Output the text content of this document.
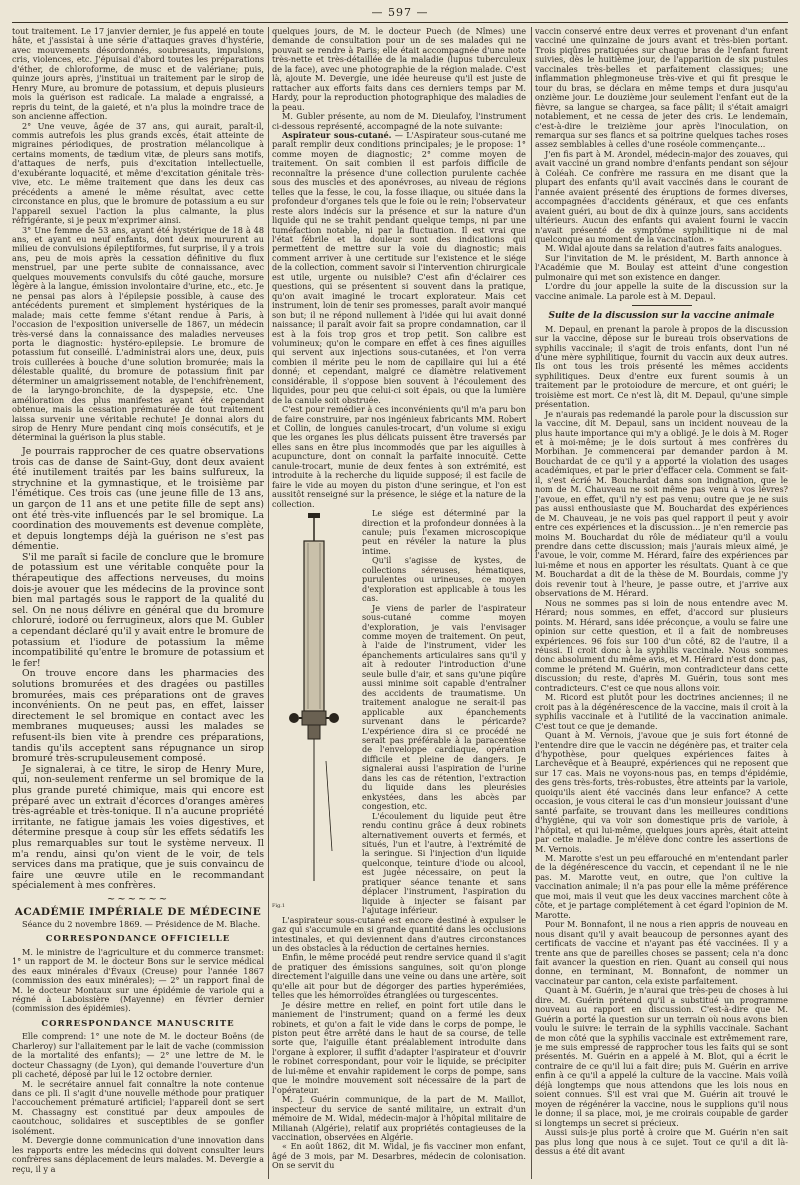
— 597 —

tout traitement. Le 17 janvier dernier, je fus appelé en toute hâte, et j'assistai à une série d'attaques graves d'hystérie, avec mouvements désordonnés, soubresauts, impulsions, cris, violences, etc. J'épuisai d'abord toutes les préparations d'éther, de chloroforme, de musc et de valériane; puis, quinze jours après, j'instituai un traitement par le sirop de Henry Mure, au bromure de potassium, et depuis plusieurs mois la guérison est radicale. La malade a engraissé, a repris du teint, de la gaieté, et n'a plus la moindre trace de son ancienne affection.

2° Une veuve, âgée de 37 ans, qui aurait, paraît-il, commis autrefois les plus grands excès, était atteinte de migraines périodiques, de prostration mélancolique à certains moments, de tædium vitæ, de pleurs sans motifs, d'attaques de nerfs, puis d'excitation intellectuelle, d'exubérante loquacité, et même d'excitation génitale très-vive, etc. Le même traitement que dans les deux cas précédents a amené le même résultat, avec cette circonstance en plus, que le bromure de potassium a eu sur l'appareil sexuel l'action la plus calmante, la plus réfrigérante, si je peux m'exprimer ainsi.

3° Une femme de 53 ans, ayant été hystérique de 18 à 48 ans, et ayant eu neuf enfants, dont deux moururent au milieu de convulsions épileptiformes, fut surprise, il y a trois ans, peu de mois après la cessation définitive du flux menstruel, par une perte subite de connaissance, avec quelques mouvements convulsifs du côté gauche, morsure légère à la langue, émission involontaire d'urine, etc., etc. Je ne pensai pas alors à l'épilepsie possible, à cause des antécédents purement et simplement hystériques de la malade; mais cette femme s'étant rendue à Paris, à l'occasion de l'exposition universelle de 1867, un médecin très-versé dans la connaissance des maladies nerveuses porta le diagnostic: hystéro-epilepsie. Le bromure de potassium fut conseillé. L'administrai alors une, deux, puis trois cuillerées à bouche d'une solution bromurée; mais la délestable qualité, du bromure de potassium finit par déterminer un amaigrissement notable, de l'enchifrènement, de la laryngo-bronchite, de la dyspepsie, etc. Une amélioration des plus manifestes ayant été cependant obtenue, mais la cessation prématurée de tout traitement laissa survenir une véritable rechute! Je donnai alors du sirop de Henry Mure pendant cinq mois consécutifs, et je déterminai la guérison la plus stable.

Je pourrais rapprocher de ces quatre observations trois cas de danse de Saint-Guy, dont deux avaient été inutilement traités par les bains sulfureux, la strychnine et la gymnastique, et le troisième par l'émétique. Ces trois cas (une jeune fille de 13 ans, un garçon de 11 ans et une petite fille de sept ans) ont été très-vite influencés par le sel bromique. La coordination des mouvements est devenue complète, et depuis longtemps déjà la guérison ne s'est pas démentie.

S'il me paraît si facile de conclure que le bromure de potassium est une véritable conquête pour la thérapeutique des affections nerveuses, du moins dois-je avouer que les médecins de la province sont bien mal partagés sous le rapport de la qualité du sel. On ne nous délivre en général que du bromure chloruré, iodoré ou ferrugineux, alors que M. Gubler a cependant déclaré qu'il y avait entre le bromure de potassium et l'iodure de potassium la même incompatibilité qu'entre le bromure de potassium et le fer!

On trouve encore dans les pharmacies des solutions bromurées et des dragées ou pastilles bromurées, mais ces préparations ont de graves inconvénients. On ne peut pas, en effet, laisser directement le sel bromique en contact avec les membranes muqueuses; aussi les malades se refusent-ils bien vite à prendre ces préparations, tandis qu'ils acceptent sans répugnance un sirop bromuré très-scrupuleusement composé.

Je signalerai, à ce titre, le sirop de Henry Mure, qui, non-seulement renferme un sel bromique de la plus grande pureté chimique, mais qui encore est préparé avec un extrait d'écorces d'oranges amères très-agréable et très-tonique. Il n'a aucune propriété irritante, ne fatigue jamais les voies digestives, et détermine presque à coup sûr les effets sédatifs les plus remarquables sur tout le système nerveux. Il m'a rendu, ainsi qu'on vient de le voir, de tels services dans ma pratique, que je suis convaincu de faire une œuvre utile en le recommandant spécialement à mes confrères.

~~~~~~
ACADÉMIE IMPÉRIALE DE MÉDECINE

Séance du 2 novembre 1869. — Présidence de M. Blache.

CORRESPONDANCE OFFICIELLE

M. le ministre de l'agriculture et du commerce transmet: 1° un rapport de M. le docteur Bons sur le service médical des eaux minérales d'Évaux (Creuse) pour l'année 1867 (commission des eaux minérales); — 2° un rapport final de M. le docteur Montaux sur une épidémie de variole qui a régné à Laboissière (Mayenne) en février dernier (commission des épidémies).

CORRESPONDANCE MANUSCRITE

Elle comprend: 1° une note de M. le docteur Boëns (de Charleroy) sur l'allaitement par le lait de vache (commission de la mortalité des enfants); — 2° une lettre de M. le docteur Chassagny (de Lyon), qui demande l'ouverture d'un pli cacheté, déposé par lui le 12 octobre dernier.

M. le secrétaire annuel fait connaître la note contenue dans ce pli. Il s'agit d'une nouvelle méthode pour pratiquer l'accouchement prématuré artificiel; l'appareil dont se sert M. Chassagny est constitué par deux ampoules de caoutchouc, solidaires et susceptibles de se gonfler isolément.

M. Devergie donne communication d'une innovation dans les rapports entre les médecins qui doivent consulter leurs confrères sans déplacement de leurs malades. M. Devergie a reçu, il y a

quelques jours, de M. le docteur Puech (de Nîmes) une demande de consultation pour un de ses malades qui ne pouvait se rendre à Paris; elle était accompagnée d'une note très-nette et très-détaillée de la maladie (lupus tuberculeux de la face), avec une photographie de la région malade. C'est là, ajoute M. Devergie, une idée heureuse qu'il est juste de rattacher aux efforts faits dans ces derniers temps par M. Hardy, pour la reproduction photographique des maladies de la peau.

M. Gubler présente, au nom de M. Dieulafoy, l'instrument ci-dessous représenté, accompagné de la note suivante:

Aspirateur sous-cutané. — L'Aspirateur sous-cutané me paraît remplir deux conditions principales; je le propose: 1° comme moyen de diagnostic; 2° comme moyen de traitement. On sait combien il est parfois difficile de reconnaître la présence d'une collection purulente cachée sous des muscles et des aponévroses, au niveau de régions telles que la fesse, le cou, la fosse iliaque, ou située dans la profondeur d'organes tels que le foie ou le rein; l'observateur reste alors indécis sur la présence et sur la nature d'un liquide qui ne se trahit pendant quelque temps, ni par une tuméfaction notable, ni par la fluctuation. Il est vrai que l'état fébrile et la douleur sont des indications qui permettent de mettre sur la voie du diagnostic; mais comment arriver à une certitude sur l'existence et le siége de la collection, comment savoir si l'intervention chirurgicale est utile, urgente ou nuisible? C'est afin d'éclairer ces questions, qui se présentent si souvent dans la pratique, qu'on avait imaginé le trocart explorateur. Mais cet instrument, loin de tenir ses promesses, paraît avoir manqué son but; il ne répond nullement à l'idée qui lui avait donné naissance; il paraît avoir fait sa propre condamnation, car il est à la fois trop gros et trop petit. Son calibre est volumineux; qu'on le compare en effet à ces fines aiguilles qui servent aux injections sous-cutanées, et l'on verra combien il mérite peu le nom de capillaire qui lui a été donné; et cependant, malgré ce diamètre relativement considérable, il s'oppose bien souvent à l'écoulement des liquides, pour peu que celui-ci soit épais, ou que la lumière de la canule soit obstruée.

C'est pour remédier à ces inconvénients qu'il m'a paru bon de faire construire, par nos ingénieux fabricants MM. Robert et Collin, de longues canules-trocart, d'un volume si exigu que les organes les plus délicats puissent être traversés par elles sans en être plus incommodés que par les aiguilles à acupuncture, dont on connaît la parfaite innocuité. Cette canule-trocart, munie de deux fentes à son extrémité, est introduite à la recherche du liquide supposé; il est facile de faire le vide au moyen du piston d'une seringue, et l'on est aussitôt renseigné sur la présence, le siége et la nature de la collection.

Fig.1

Le siége est déterminé par la direction et la profondeur données à la canule; puis l'examen microscopique peut en révéler la nature la plus intime.

Qu'il s'agisse de kystes, de collections séreuses, hématiques, purulentes ou urineuses, ce moyen d'exploration est applicable à tous les cas.

Je viens de parler de l'aspirateur sous-cutané comme moyen d'exploration, je vais l'envisager comme moyen de traitement. On peut, à l'aide de l'instrument, vider les épanchements articulaires sans qu'il y ait à redouter l'introduction d'une seule bulle d'air, et sans qu'une piqûre aussi minime soit capable d'entraîner des accidents de traumatisme. Un traitement analogue ne serait-il pas applicable aux épanchements survenant dans le péricarde? L'expérience dira si ce procédé ne serait pas préférable à la paracentèse de l'enveloppe cardiaque, opération difficile et pleine de dangers. Je signalerai aussi l'aspiration de l'urine dans les cas de rétention, l'extraction du liquide dans les pleurésies enkystées, dans les abcès par congestion, etc.

L'écoulement du liquide peut être rendu continu grâce à deux robinets alternativement ouverts et fermés, et situés, l'un et l'autre, à l'extrémité de la seringue. Si l'injection d'un liquide quelconque, teinture d'iode ou alcool, est jugée nécessaire, on peut la pratiquer séance tenante et sans déplacer l'instrument, l'aspiration du liquide à injecter se faisant par l'ajutage inférieur.

L'aspirateur sous-cutané est encore destiné à expulser le gaz qui s'accumule en si grande quantité dans les occlusions intestinales, et qui deviennent dans d'autres circonstances un des obstacles à la réduction de certaines hernies.

Enfin, le même procédé peut rendre service quand il s'agit de pratiquer des émissions sanguines, soit qu'on plonge directement l'aiguille dans une veine ou dans une artère, soit qu'elle ait pour but de dégorger des parties hyperémiées, telles que les hémorroïdes étranglées ou turgescentes.

Je désire mettre en relief, en point fort utile dans le maniement de l'instrument; quand on a fermé les deux robinets, et qu'on a fait le vide dans le corps de pompe, le piston peut être arrêté dans le haut de sa course, de telle sorte que, l'aiguille étant préalablement introduite dans l'organe à explorer, il suffit d'adapter l'aspirateur et d'ouvrir le robinet correspondant, pour voir le liquide, se précipiter de lui-même et envahir rapidement le corps de pompe, sans que le moindre mouvement soit nécessaire de la part de l'opérateur.

M. J. Guérin communique, de la part de M. Maillot, inspecteur du service de santé militaire, un extrait d'un mémoire de M. Widal, médecin-major à l'hôpital militaire de Milianah (Algérie), relatif aux propriétés contagieuses de la vaccination, observées en Algérie.

« En août 1862, dit M. Widal, je fis vacciner mon enfant, âgé de 3 mois, par M. Desarbres, médecin de colonisation. On se servit du

vaccin conservé entre deux verres et provenant d'un enfant vacciné une quinzaine de jours avant et très-bien portant. Trois piqûres pratiquées sur chaque bras de l'enfant furent suivies, dès le huitième jour, de l'apparition de six pustules vaccinales très-belles et parfaitement classiques; une inflammation phlegmoneuse très-vive et qui fit presque le tour du bras, se déclara en même temps et dura jusqu'au onzième jour. Le douzième jour seulement l'enfant eut de la fièvre, sa langue se chargea, sa face pâlit; il s'était amaigri notablement, et ne cessa de jeter des cris. Le lendemain, c'est-à-dire le treizième jour après l'inoculation, on remarqua sur ses flancs et sa poitrine quelques taches roses assez semblables à celles d'une roséole commençante...

J'en fis part à M. Arondel, médecin-major des zouaves, qui avait vacciné un grand nombre d'enfants pendant son séjour à Coléah. Ce confrère me rassura en me disant que la plupart des enfants qu'il avait vaccinés dans le courant de l'année avaient présenté des éruptions de formes diverses, accompagnées d'accidents généraux, et que ces enfants avaient guéri, au bout de dix à quinze jours, sans accidents ultérieurs. Aucun des enfants qui avaient fourni le vaccin n'avait présenté de symptôme syphilitique ni de mal quelconque au moment de la vaccination. »

M. Widal ajoute dans sa relation d'autres faits analogues.

Sur l'invitation de M. le président, M. Barth annonce à l'Académie que M. Boulay est atteint d'une congestion pulmonaire qui met son existence en danger.

L'ordre du jour appelle la suite de la discussion sur la vaccine animale. La parole est à M. Depaul.

Suite de la discussion sur la vaccine animale

M. Depaul, en prenant la parole à propos de la discussion sur la vaccine, dépose sur le bureau trois observations de syphilis vaccinale; il s'agit de trois enfants, dont l'un né d'une mère syphilitique, fournit du vaccin aux deux autres. Ils ont tous les trois présenté les mêmes accidents syphilitiques. Deux d'entre eux furent soumis à un traitement par le protoiodure de mercure, et ont guéri; le troisième est mort. Ce n'est là, dit M. Depaul, qu'une simple présentation.

Je n'aurais pas redemandé la parole pour la discussion sur la vaccine, dit M. Depaul, sans un incident nouveau de la plus haute importance qui m'y a obligé. Je le dois à M. Roger et à moi-même; je le dois surtout à mes confrères du Morbihan. Je commencerai par demander pardon à M. Bouchardat de ce qu'il y a apporté la violation des usages académiques, et par le prier d'effacer cela. Comment se fait-il, s'est écrié M. Bouchardat dans son indignation, que le nom de M. Chauveau ne soit même pas venu à vos lèvres? J'avoue, en effet, qu'il n'y est pas venu; outre que je ne suis pas aussi enthousiaste que M. Bouchardat des expériences de M. Chauveau, je ne vois pas quel rapport il peut y avoir entre ces expériences et la discussion... je n'en remercie pas moins M. Bouchardat du rôle de médiateur qu'il a voulu prendre dans cette discussion; mais j'aurais mieux aimé, je l'avoue, le voir, comme M. Hérard, faire des expériences par lui-même et nous en apporter les résultats. Quant à ce que M. Bouchardat a dit de la thèse de M. Bourdais, comme j'y dois revenir tout à l'heure, je passe outre, et j'arrive aux observations de M. Hérard.

Nous ne sommes pas si loin de nous entendre avec M. Hérard; nous sommes, en effet, d'accord sur plusieurs points. M. Hérard, sans idée préconçue, a voulu se faire une opinion sur cette question, et il a fait de nombreuses expériences. 96 fois sur 100 d'un côté, 82 de l'autre, il a réussi. Il croit donc à la syphilis vaccinale. Nous sommes donc absolument du même avis, et M. Hérard n'est donc pas, comme le prétend M. Guérin, mon contradicteur dans cette discussion; du reste, d'après M. Guérin, tous sont mes contradicteurs. C'est ce que nous allons voir.

M. Ricord est plutôt pour les doctrines anciennes; il ne croit pas à la dégénérescence de la vaccine, mais il croit à la syphilis vaccinale et à l'utilité de la vaccination animale. C'est tout ce que je demande.

Quant à M. Vernois, j'avoue que je suis fort étonné de l'entendre dire que le vaccin ne dégénère pas, et traiter cela d'hypothèse, pour quelques expériences faites à Larchevêque et à Beaupré, expériences qui ne reposent que sur 17 cas. Mais ne voyons-nous pas, en temps d'épidémie, des gens très-forts, très-robustes, être atteints par la variole, quoiqu'ils aient été vaccinés dans leur enfance? A cette occasion, je vous citerai le cas d'un monsieur jouissant d'une santé parfaite, se trouvant dans les meilleures conditions d'hygiène, qui va voir son domestique pris de variole, à l'hôpital, et qui lui-même, quelques jours après, était atteint par cette maladie. Je m'élève donc contre les assertions de M. Vernois.

M. Marotte s'est un peu effarouché en m'entendant parler de la dégénérescence du vaccin, et cependant il ne le nie pas. M. Marotte veut, en outre, que l'on cultive la vaccination animale; il n'a pas pour elle la même préférence que moi, mais il veut que les deux vaccines marchent côte à côte, et je partage complétement à cet égard l'opinion de M. Marotte.

Pour M. Bonnafont, il ne nous a rien appris de nouveau en nous disant qu'il y avait beaucoup de personnes ayant des certificats de vaccine et n'ayant pas été vaccinées. Il y a trente ans que de pareilles choses se passent; cela n'a donc fait avancer la question en rien. Quant au conseil qui nous donne, en terminant, M. Bonnafont, de nommer un vaccinateur par canton, cela existe parfaitement.

Quant à M. Guérin, je n'aurai que très-peu de choses à lui dire. M. Guérin prétend qu'il a substitué un programme nouveau au rapport en discussion. C'est-à-dire que M. Guérin a porté la question sur un terrain où nous avons bien voulu le suivre: le terrain de la syphilis vaccinale. Sachant de mon côté que la syphilis vaccinale est extrêmement rare, je me suis empressé de rapprocher tous les faits qui se sont présentés. M. Guérin en a appelé à M. Blot, qui a écrit le contraire de ce qu'il lui a fait dire; puis M. Guérin en arrive enfin à ce qu'il a appelé la culture de la vaccine. Mais voilà déjà longtemps que nous attendons que les lois nous en soient connues. S'il est vrai que M. Guérin ait trouvé le moyen de régénérer la vaccine, nous le supplions qu'il nous le donne; il sa place, moi, je me croirais coupable de garder si longtemps un secret si précieux.

Aussi suis-je plus porté à croire que M. Guérin n'en sait pas plus long que nous à ce sujet. Tout ce qu'il a dit là-dessus a été dit avant
